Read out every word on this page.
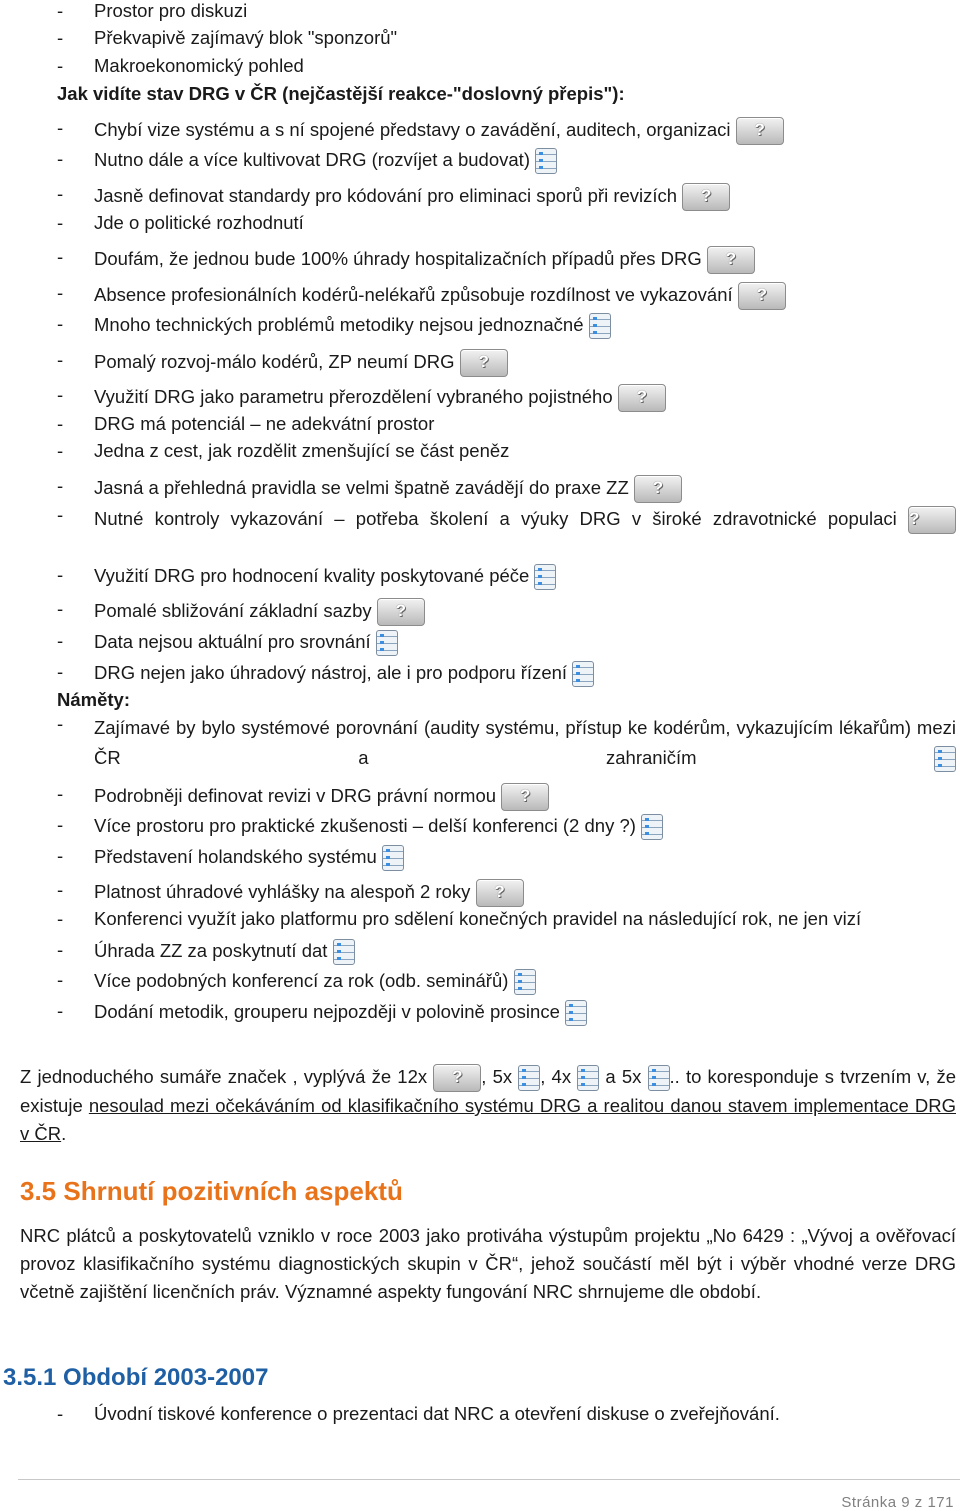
- Prostor pro diskuzi
- Překvapivě zajímavý blok "sponzorů"
- Makroekonomický pohled
Jak vidíte stav DRG v ČR (nejčastější reakce-"doslovný přepis"):
- Chybí vize systému a s ní spojené představy o zavádění, auditech, organizaci	?
- Nutno dále a více kultivovat DRG (rozvíjet a budovat)
- Jasně definovat standardy pro kódování pro eliminaci sporů při revizích	?
- Jde o politické rozhodnutí
- Doufám, že jednou bude 100% úhrady hospitalizačních případů přes DRG	?
- Absence profesionálních kodérů-nelékařů způsobuje rozdílnost ve vykazování	?
- Mnoho technických problémů metodiky nejsou jednoznačné
- Pomalý rozvoj-málo kodérů, ZP neumí DRG	?
- Využití DRG jako parametru přerozdělení vybraného pojistného	?
- DRG má potenciál – ne adekvátní prostor
- Jedna z cest, jak rozdělit zmenšující se část peněz
- Jasná a přehledná pravidla se velmi špatně zavádějí do praxe ZZ	?
- Nutné kontroly vykazování – potřeba školení a výuky DRG v široké zdravotnické populaci ?
- Využití DRG pro hodnocení kvality poskytované péče
- Pomalé sbližování základní sazby	?
- Data nejsou aktuální pro srovnání
- DRG nejen jako úhradový nástroj, ale i pro podporu řízení
Náměty:
- Zajímavé by bylo systémové porovnání (audity systému, přístup ke kodérům, vykazujícím lékařům) mezi ČR a zahraničím
- Podrobněji definovat revizi v DRG právní normou	?
- Více prostoru pro praktické zkušenosti – delší konferenci (2 dny ?)
- Představení holandského systému
- Platnost úhradové vyhlášky na alespoň 2 roky	?
- Konferenci využít jako platformu pro sdělení konečných pravidel na následující rok, ne jen vizí
- Úhrada ZZ za poskytnutí dat
- Více podobných konferencí za rok (odb. seminářů)
- Dodání metodik, grouperu nejpozději v polovině prosince
Z jednoduchého sumáře značek , vyplývá že 12x	?	, 5x , 4x  a 5x .. to koresponduje s tvrzením v, že existuje nesoulad mezi očekáváním od klasifikačního systému DRG a realitou danou stavem implementace DRG v ČR.
3.5 Shrnutí pozitivních aspektů
NRC plátců a poskytovatelů vzniklo v roce 2003 jako protiváha výstupům projektu „No 6429 : „Vývoj a ověřovací provoz klasifikačního systému diagnostických skupin v ČR“, jehož součástí měl být i výběr vhodné verze DRG včetně zajištění licenčních práv. Významné aspekty fungování NRC shrnujeme dle období.
3.5.1 Období 2003-2007
- Úvodní tiskové konference o prezentaci dat NRC a otevření diskuse o zveřejňování.
Stránka 9 z 171
